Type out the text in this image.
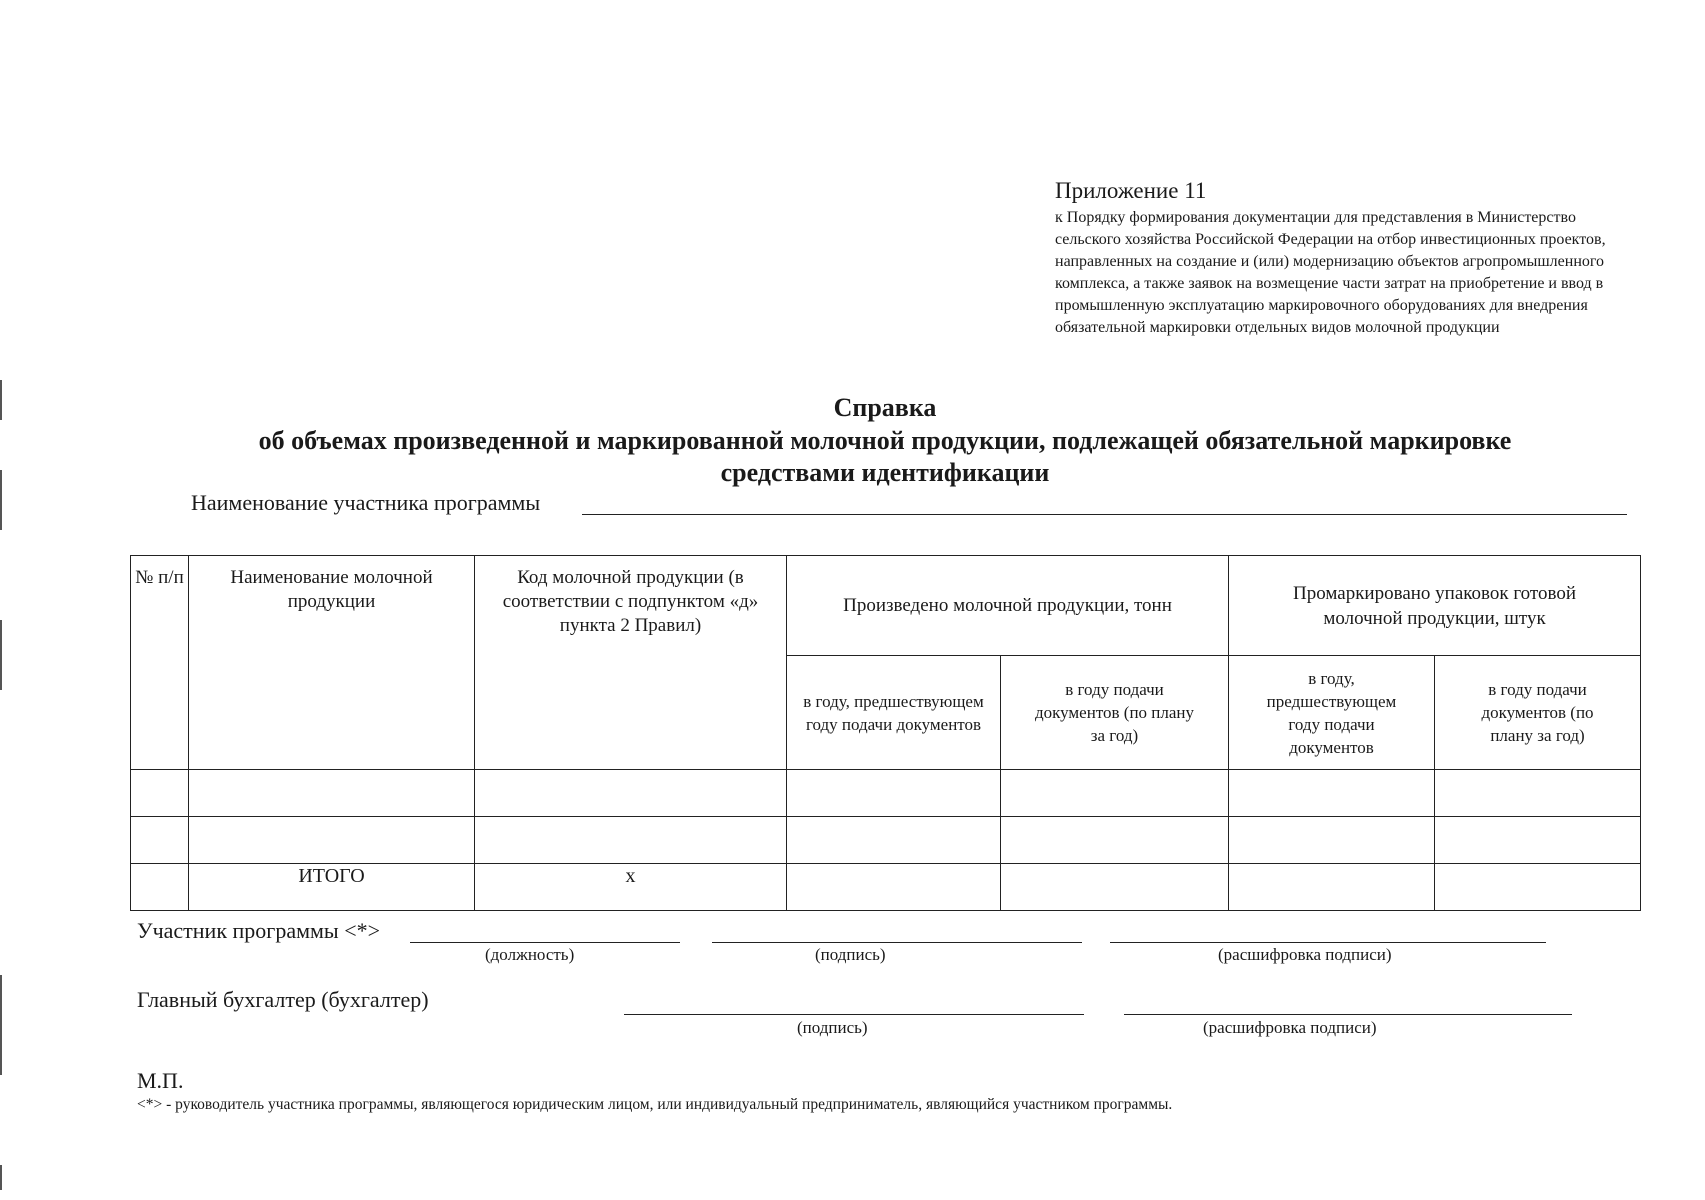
Приложение 11

к Порядку формирования документации для представления в Министерство сельского хозяйства Российской Федерации на отбор инвестиционных проектов, направленных на создание и (или) модернизацию объектов агропромышленного комплекса, а также заявок на возмещение части затрат на приобретение и ввод в промышленную эксплуатацию маркировочного оборудованиях для внедрения обязательной маркировки отдельных видов молочной продукции

Справка
об объемах произведенной и маркированной молочной продукции, подлежащей обязательной маркировке средствами идентификации
Наименование участника программы
№ п/п	Наименование молочной продукции	Код молочной продукции (в соответствии с подпунктом «д» пункта 2 Правил)	Произведено молочной продукции, тонн		Промаркировано упаковок готовой молочной продукции, штук	
			в году, предшествующем году подачи документов	в году подачи документов (по плану за год)	в году, предшествующем году подачи документов	в году подачи документов (по плану за год)

	ИТОГО	х				
Участник программы <*>
(должность)	(подпись)	(расшифровка подписи)
Главный бухгалтер (бухгалтер)
(подпись)	(расшифровка подписи)
М.П.
<*> - руководитель участника программы, являющегося юридическим лицом, или индивидуальный предприниматель, являющийся участником программы.
